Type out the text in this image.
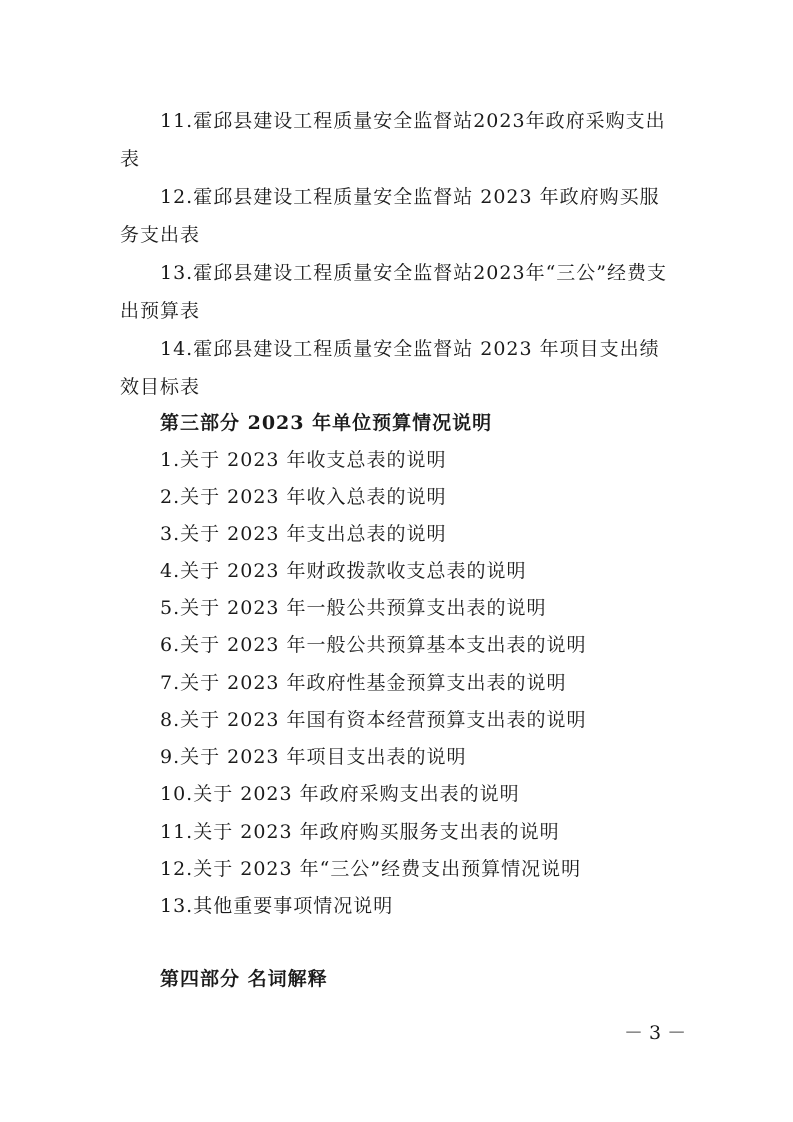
11.霍邱县建设工程质量安全监督站2023年政府采购支出
表
12.霍邱县建设工程质量安全监督站 2023 年政府购买服
务支出表
13.霍邱县建设工程质量安全监督站2023年“三公”经费支
出预算表
14.霍邱县建设工程质量安全监督站 2023 年项目支出绩
效目标表
第三部分 2023 年单位预算情况说明
1.关于 2023 年收支总表的说明
2.关于 2023 年收入总表的说明
3.关于 2023 年支出总表的说明
4.关于 2023 年财政拨款收支总表的说明
5.关于 2023 年一般公共预算支出表的说明
6.关于 2023 年一般公共预算基本支出表的说明
7.关于 2023 年政府性基金预算支出表的说明
8.关于 2023 年国有资本经营预算支出表的说明
9.关于 2023 年项目支出表的说明
10.关于 2023 年政府采购支出表的说明
11.关于 2023 年政府购买服务支出表的说明
12.关于 2023 年“三公”经费支出预算情况说明
13.其他重要事项情况说明
第四部分 名词解释
－ 3 －
